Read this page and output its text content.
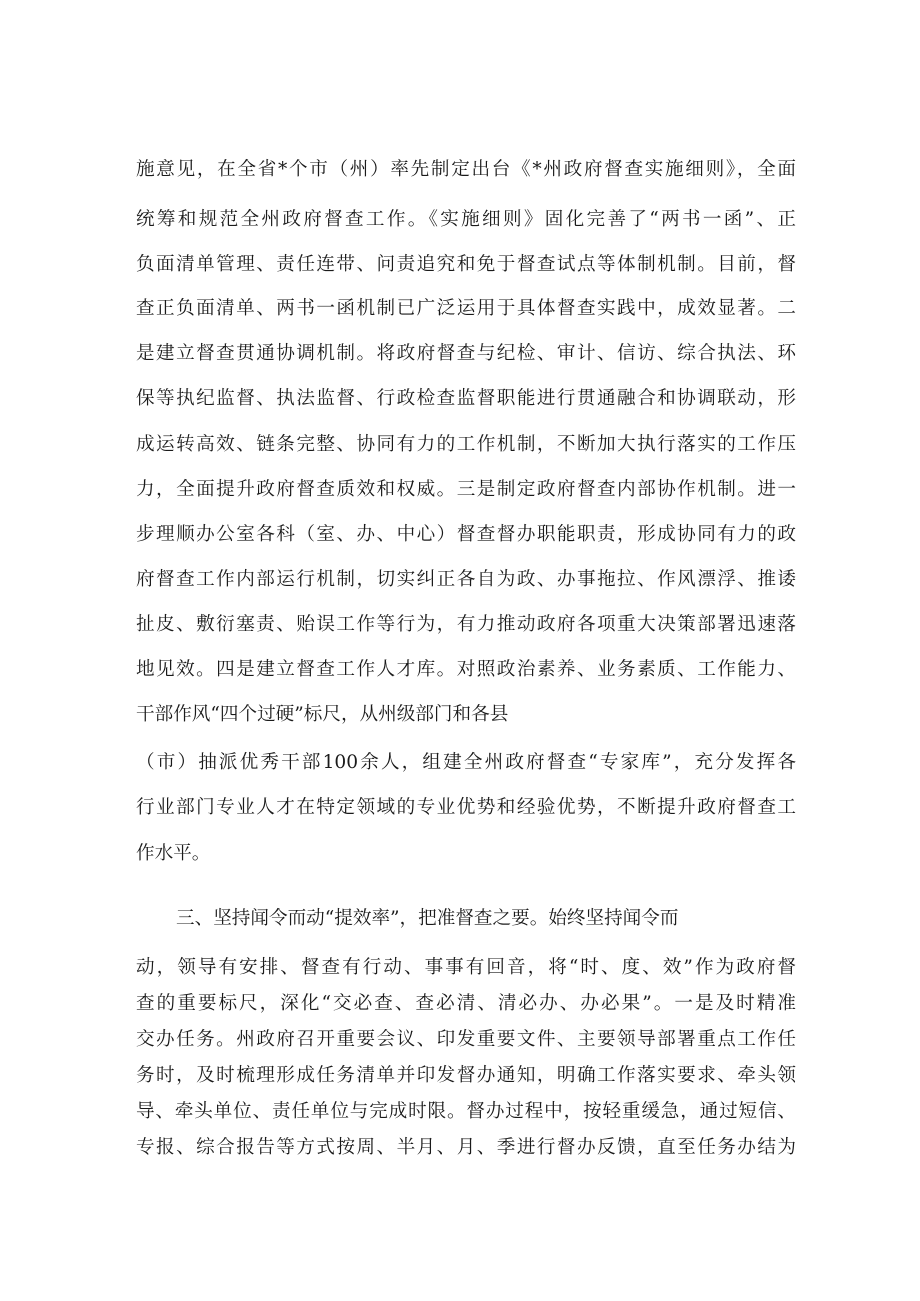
施意见，在全省*个市（州）率先制定出台《*州政府督查实施细则》，全面
统筹和规范全州政府督查工作。《实施细则》固化完善了“两书一函”、正
负面清单管理、责任连带、问责追究和免于督查试点等体制机制。目前，督
查正负面清单、两书一函机制已广泛运用于具体督查实践中，成效显著。二
是建立督查贯通协调机制。将政府督查与纪检、审计、信访、综合执法、环
保等执纪监督、执法监督、行政检查监督职能进行贯通融合和协调联动，形
成运转高效、链条完整、协同有力的工作机制，不断加大执行落实的工作压
力，全面提升政府督查质效和权威。三是制定政府督查内部协作机制。进一
步理顺办公室各科（室、办、中心）督查督办职能职责，形成协同有力的政
府督查工作内部运行机制，切实纠正各自为政、办事拖拉、作风漂浮、推诿
扯皮、敷衍塞责、贻误工作等行为，有力推动政府各项重大决策部署迅速落
地见效。四是建立督查工作人才库。对照政治素养、业务素质、工作能力、
干部作风“四个过硬”标尺，从州级部门和各县
（市）抽派优秀干部100余人，组建全州政府督查“专家库”，充分发挥各
行业部门专业人才在特定领域的专业优势和经验优势，不断提升政府督查工
作水平。
三、坚持闻令而动“提效率”，把准督查之要。始终坚持闻令而
动，领导有安排、督查有行动、事事有回音，将“时、度、效”作为政府督
查的重要标尺，深化“交必查、查必清、清必办、办必果”。一是及时精准
交办任务。州政府召开重要会议、印发重要文件、主要领导部署重点工作任
务时，及时梳理形成任务清单并印发督办通知，明确工作落实要求、牵头领
导、牵头单位、责任单位与完成时限。督办过程中，按轻重缓急，通过短信、
专报、综合报告等方式按周、半月、月、季进行督办反馈，直至任务办结为
